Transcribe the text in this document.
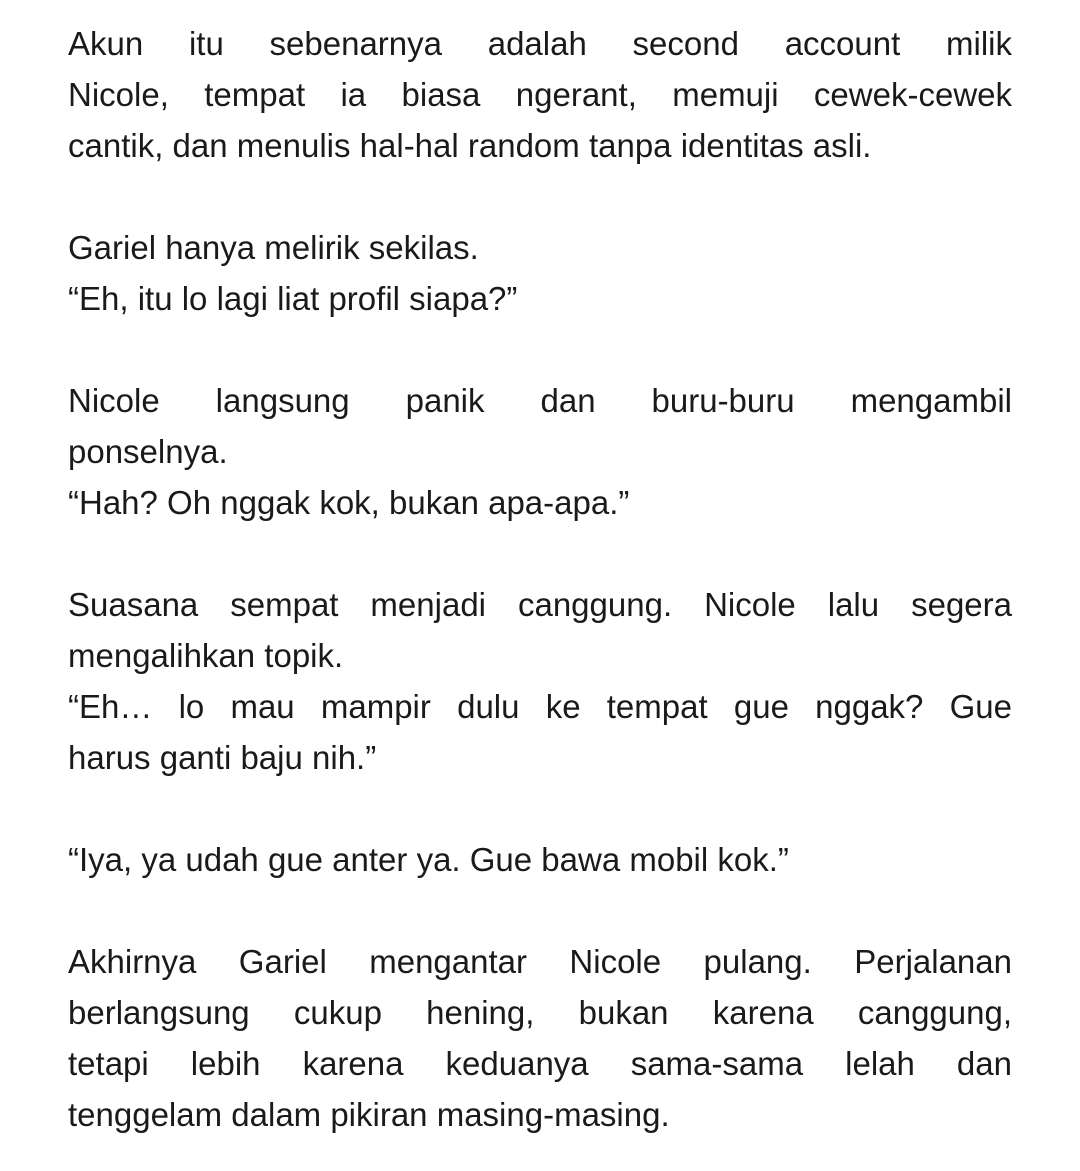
Akun itu sebenarnya adalah second account milik
Nicole, tempat ia biasa ngerant, memuji cewek-cewek
cantik, dan menulis hal-hal random tanpa identitas asli.
Gariel hanya melirik sekilas.
“Eh, itu lo lagi liat profil siapa?”
Nicole langsung panik dan buru-buru mengambil
ponselnya.
“Hah? Oh nggak kok, bukan apa-apa.”
Suasana sempat menjadi canggung. Nicole lalu segera
mengalihkan topik.
“Eh… lo mau mampir dulu ke tempat gue nggak? Gue
harus ganti baju nih.”
“Iya, ya udah gue anter ya. Gue bawa mobil kok.”
Akhirnya Gariel mengantar Nicole pulang. Perjalanan
berlangsung cukup hening, bukan karena canggung,
tetapi lebih karena keduanya sama-sama lelah dan
tenggelam dalam pikiran masing-masing.
